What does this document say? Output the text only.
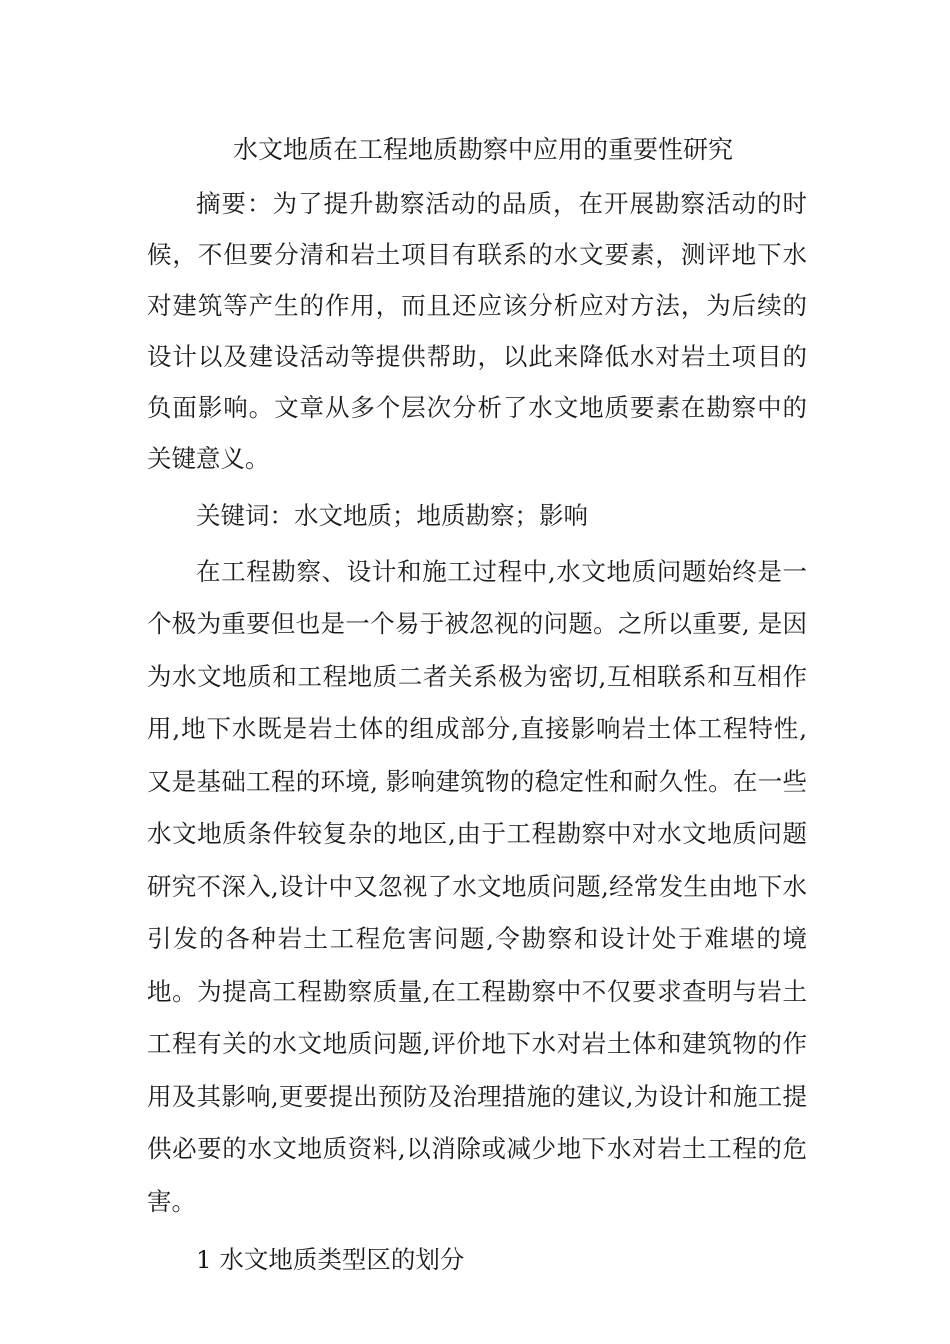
水文地质在工程地质勘察中应用的重要性研究

摘要：为了提升勘察活动的品质，在开展勘察活动的时候，不但要分清和岩土项目有联系的水文要素，测评地下水对建筑等产生的作用，而且还应该分析应对方法，为后续的设计以及建设活动等提供帮助，以此来降低水对岩土项目的负面影响。文章从多个层次分析了水文地质要素在勘察中的关键意义。

关键词：水文地质；地质勘察；影响

在工程勘察、设计和施工过程中,水文地质问题始终是一个极为重要但也是一个易于被忽视的问题。之所以重要, 是因为水文地质和工程地质二者关系极为密切,互相联系和互相作用,地下水既是岩土体的组成部分,直接影响岩土体工程特性,又是基础工程的环境, 影响建筑物的稳定性和耐久性。在一些水文地质条件较复杂的地区,由于工程勘察中对水文地质问题研究不深入,设计中又忽视了水文地质问题,经常发生由地下水引发的各种岩土工程危害问题,令勘察和设计处于难堪的境地。为提高工程勘察质量,在工程勘察中不仅要求查明与岩土工程有关的水文地质问题,评价地下水对岩土体和建筑物的作用及其影响,更要提出预防及治理措施的建议,为设计和施工提供必要的水文地质资料,以消除或减少地下水对岩土工程的危害。

1 水文地质类型区的划分
